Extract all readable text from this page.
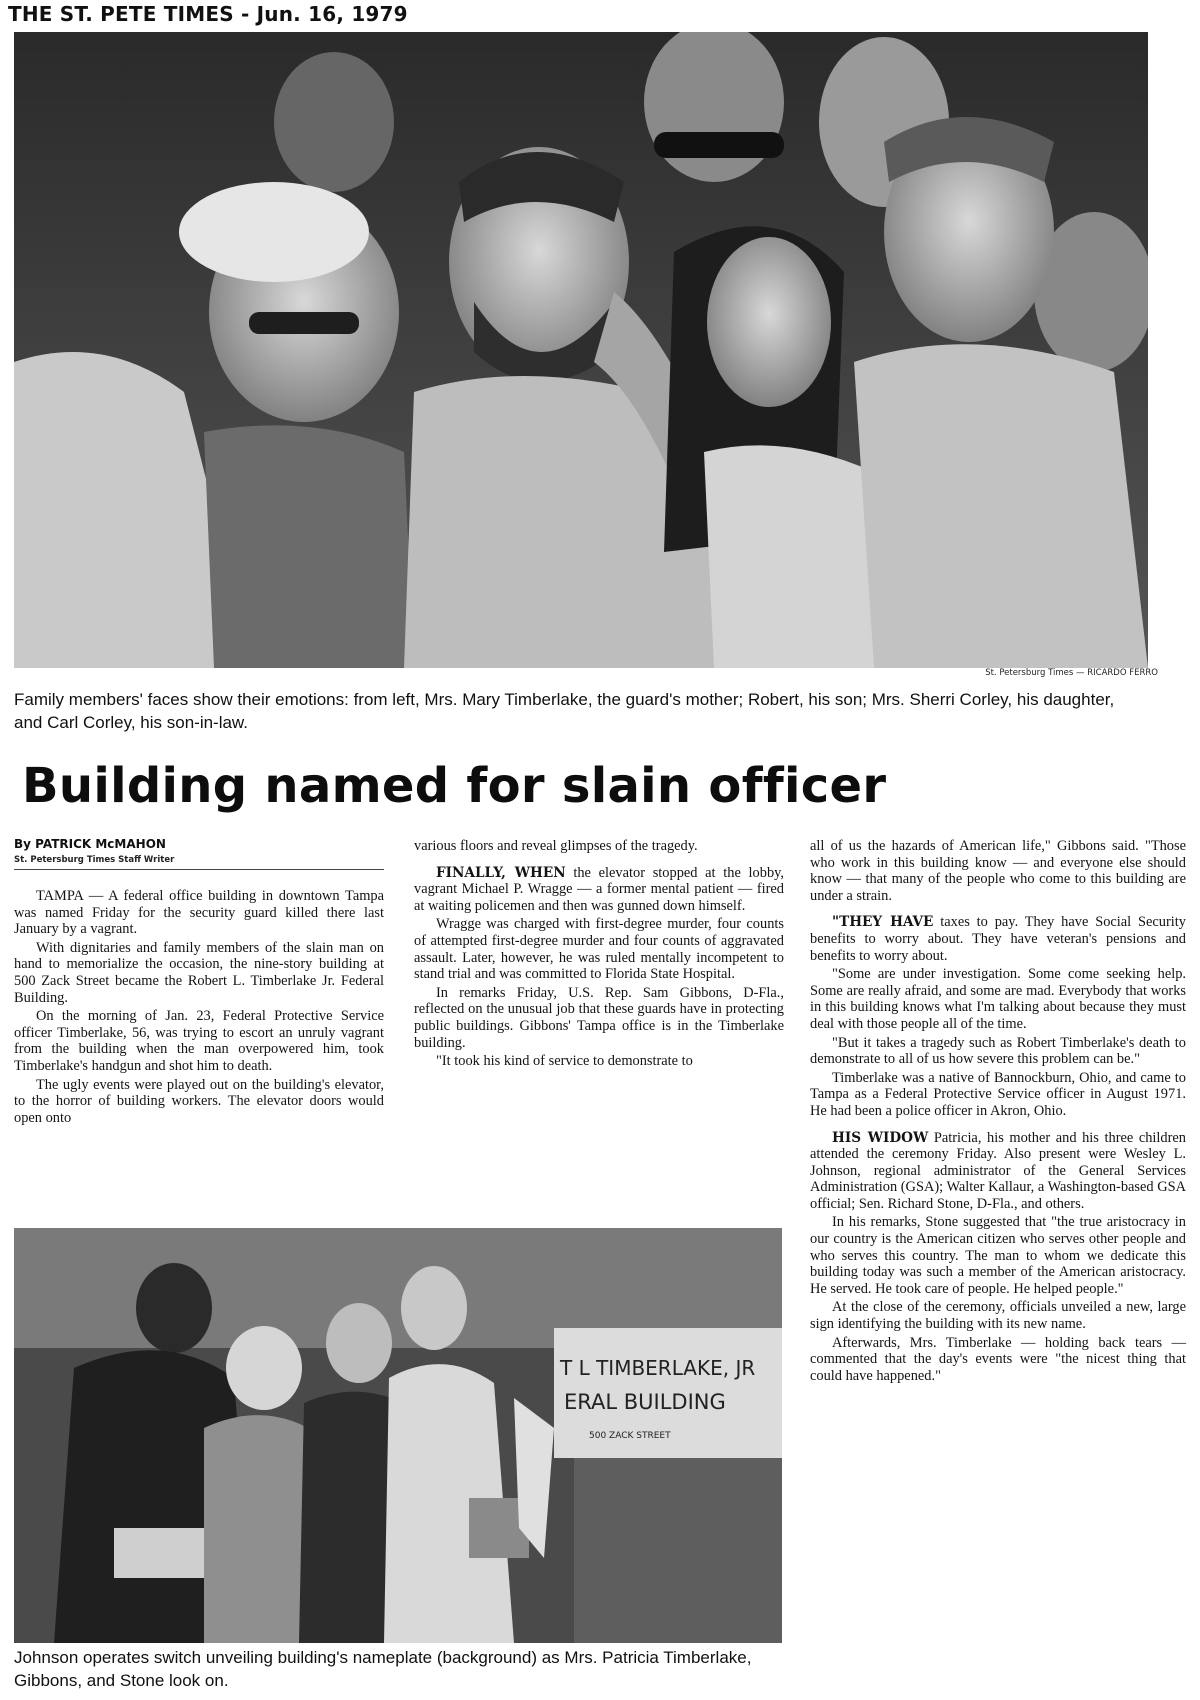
THE ST. PETE TIMES - Jun. 16, 1979
St. Petersburg Times — RICARDO FERRO
Family members' faces show their emotions: from left, Mrs. Mary Timberlake, the guard's mother; Robert, his son; Mrs. Sherri Corley, his daughter, and Carl Corley, his son-in-law.
Building named for slain officer
By PATRICK McMAHON
St. Petersburg Times Staff Writer

TAMPA — A federal office building in downtown Tampa was named Friday for the security guard killed there last January by a vagrant.

With dignitaries and family members of the slain man on hand to memorialize the occasion, the nine-story building at 500 Zack Street became the Robert L. Timberlake Jr. Federal Building.

On the morning of Jan. 23, Federal Protective Service officer Timberlake, 56, was trying to escort an unruly vagrant from the building when the man overpowered him, took Timberlake's handgun and shot him to death.

The ugly events were played out on the building's elevator, to the horror of building workers. The elevator doors would open onto

various floors and reveal glimpses of the tragedy.

FINALLY, WHEN the elevator stopped at the lobby, vagrant Michael P. Wragge — a former mental patient — fired at waiting policemen and then was gunned down himself.

Wragge was charged with first-degree murder, four counts of attempted first-degree murder and four counts of aggravated assault. Later, however, he was ruled mentally incompetent to stand trial and was committed to Florida State Hospital.

In remarks Friday, U.S. Rep. Sam Gibbons, D-Fla., reflected on the unusual job that these guards have in protecting public buildings. Gibbons' Tampa office is in the Timberlake building.

"It took his kind of service to demonstrate to

all of us the hazards of American life," Gibbons said. "Those who work in this building know — and everyone else should know — that many of the people who come to this building are under a strain.

"THEY HAVE taxes to pay. They have Social Security benefits to worry about. They have veteran's pensions and benefits to worry about.

"Some are under investigation. Some come seeking help. Some are really afraid, and some are mad. Everybody that works in this building knows what I'm talking about because they must deal with those people all of the time.

"But it takes a tragedy such as Robert Timberlake's death to demonstrate to all of us how severe this problem can be."

Timberlake was a native of Bannockburn, Ohio, and came to Tampa as a Federal Protective Service officer in August 1971. He had been a police officer in Akron, Ohio.

HIS WIDOW Patricia, his mother and his three children attended the ceremony Friday. Also present were Wesley L. Johnson, regional administrator of the General Services Administration (GSA); Walter Kallaur, a Washington-based GSA official; Sen. Richard Stone, D-Fla., and others.

In his remarks, Stone suggested that "the true aristocracy in our country is the American citizen who serves other people and who serves this country. The man to whom we dedicate this building today was such a member of the American aristocracy. He served. He took care of people. He helped people."

At the close of the ceremony, officials unveiled a new, large sign identifying the building with its new name.

Afterwards, Mrs. Timberlake — holding back tears — commented that the day's events were "the nicest thing that could have happened."

T L TIMBERLAKE, JR
ERAL BUILDING
500 ZACK STREET
Johnson operates switch unveiling building's nameplate (background) as Mrs. Patricia Timberlake, Gibbons, and Stone look on.
